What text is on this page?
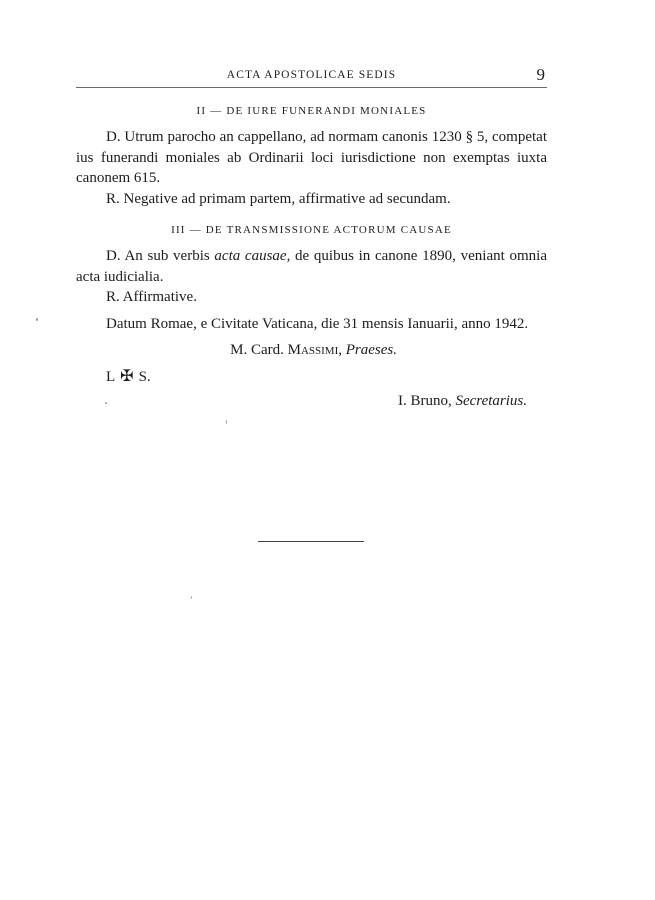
ACTA APOSTOLICAE SEDIS	9
II — DE IURE FUNERANDI MONIALES

D. Utrum parocho an cappellano, ad normam canonis 1230 § 5, competat ius funerandi moniales ab Ordinarii loci iurisdictione non exemptas iuxta canonem 615.

R. Negative ad primam partem, affirmative ad secundam.

III — DE TRANSMISSIONE ACTORUM CAUSAE

D. An sub verbis acta causae, de quibus in canone 1890, veniant omnia acta iudicialia.

R. Affirmative.

Datum Romae, e Civitate Vaticana, die 31 mensis Ianuarii, anno 1942.

M. Card. Massimi, Praeses.
L ✠ S.
I. Bruno, Secretarius.
